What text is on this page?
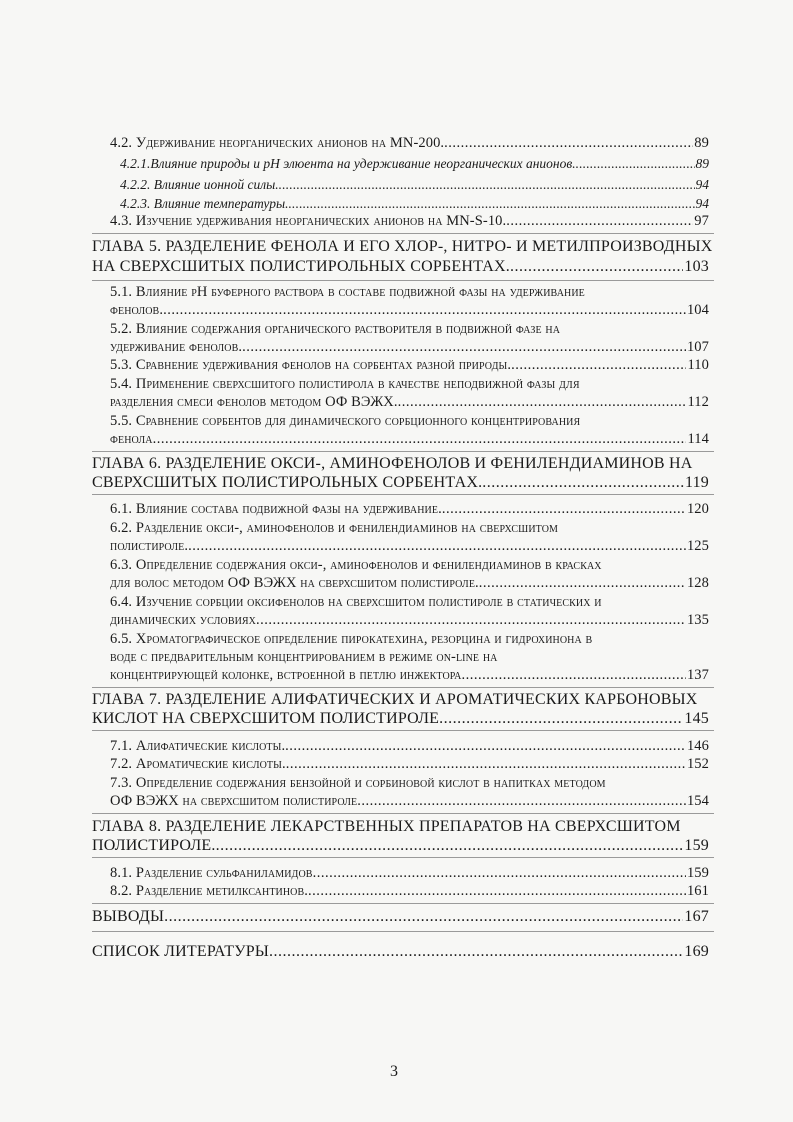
4.2. Удерживание неорганических анионов на MN-200. .....	89
4.2.1.Влияние природы и pH элюента на удерживание неорганических анионов. .....	89
4.2.2. Влияние ионной силы. .....	94
4.2.3. Влияние температуры. .....	94
4.3. Изучение удерживания неорганических анионов на MN-S-10. .....	97
ГЛАВА 5. РАЗДЕЛЕНИЕ ФЕНОЛА И ЕГО ХЛОР-, НИТРО- И МЕТИЛПРОИЗВОДНЫХ
НА СВЕРХСШИТЫХ ПОЛИСТИРОЛЬНЫХ СОРБЕНТАХ. .....	103
5.1. Влияние pH буферного раствора в составе подвижной фазы на удерживание
фенолов. .....	104
5.2. Влияние содержания органического растворителя в подвижной фазе на
удерживание фенолов. .....	107
5.3. Сравнение удерживания фенолов на сорбентах разной природы. .....	110
5.4. Применение сверхсшитого полистирола в качестве неподвижной фазы для
разделения смеси фенолов методом ОФ ВЭЖХ. .....	112
5.5. Сравнение сорбентов для динамического сорбционного концентрирования
фенола .....	114
ГЛАВА 6. РАЗДЕЛЕНИЕ ОКСИ-, АМИНОФЕНОЛОВ И ФЕНИЛЕНДИАМИНОВ НА
СВЕРХСШИТЫХ ПОЛИСТИРОЛЬНЫХ СОРБЕНТАХ. .....	119
6.1. Влияние состава подвижной фазы на удерживание. .....	120
6.2. Разделение окси-, аминофенолов и фенилендиаминов на сверхсшитом
полистироле. .....	125
6.3. Определение содержания окси-, аминофенолов и фенилендиаминов в красках
для волос методом ОФ ВЭЖХ на сверхсшитом полистироле. .....	128
6.4. Изучение сорбции оксифенолов на сверхсшитом полистироле в статических и
динамических условиях .....	135
6.5. Хроматографическое определение пирокатехина, резорцина и гидрохинона в
воде с предварительным концентрированием в режиме on-line на
концентрирующей колонке, встроенной в петлю инжектора .....	137
ГЛАВА 7. РАЗДЕЛЕНИЕ АЛИФАТИЧЕСКИХ И АРОМАТИЧЕСКИХ КАРБОНОВЫХ
КИСЛОТ НА СВЕРХСШИТОМ ПОЛИСТИРОЛЕ .....	145
7.1. Алифатические кислоты. .....	146
7.2. Ароматические кислоты. .....	152
7.3. Определение содержания бензойной и сорбиновой кислот в напитках методом
ОФ ВЭЖХ на сверхсшитом полистироле .....	154
ГЛАВА 8. РАЗДЕЛЕНИЕ ЛЕКАРСТВЕННЫХ ПРЕПАРАТОВ НА СВЕРХСШИТОМ
ПОЛИСТИРОЛЕ. .....	159
8.1. Разделение сульфаниламидов .....	159
8.2. Разделение метилксантинов. .....	161
ВЫВОДЫ .....	167
СПИСОК ЛИТЕРАТУРЫ .....	169
3
